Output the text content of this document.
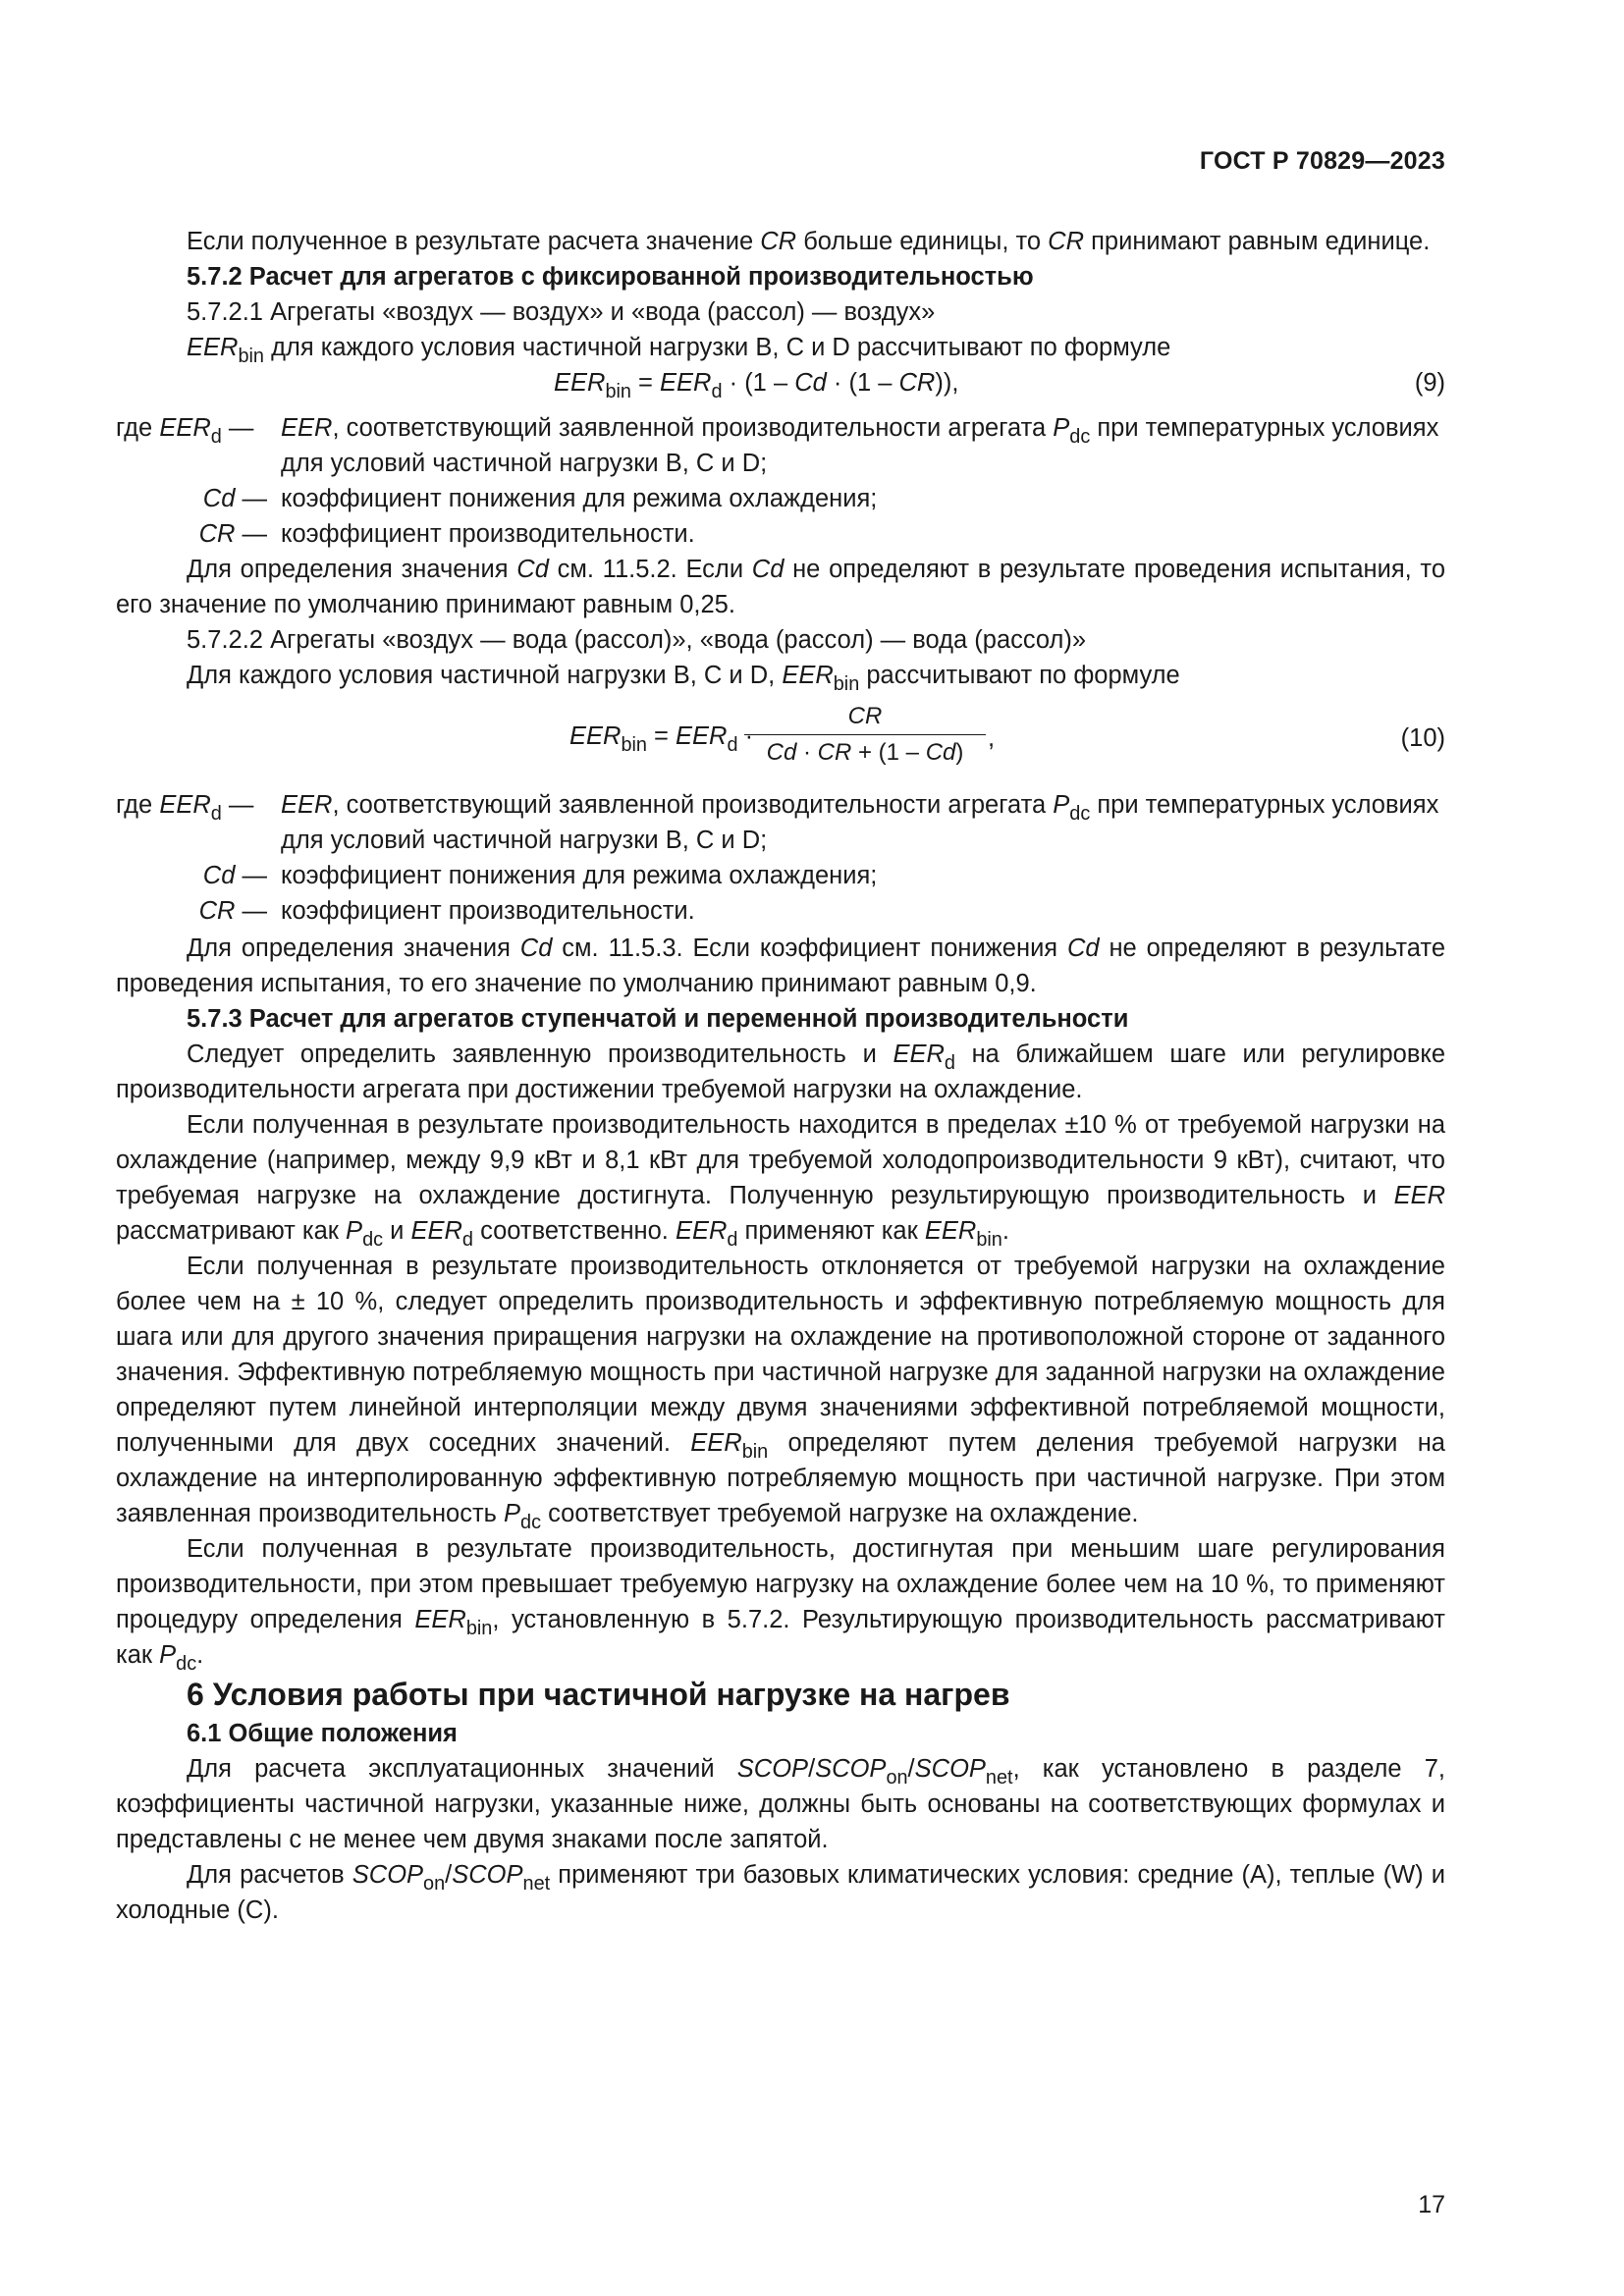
ГОСТ Р 70829—2023

Если полученное в результате расчета значение CR больше единицы, то CR принимают равным единице.

5.7.2 Расчет для агрегатов с фиксированной производительностью

5.7.2.1 Агрегаты «воздух — воздух» и «вода (рассол) — воздух»

$EER_{bin}$ для каждого условия частичной нагрузки B, C и D рассчитывают по формуле

$EER_{bin} = EER_d \cdot (1 - Cd \cdot (1 - CR))$,	(9)
где $EER_d$ —	EER, соответствующий заявленной производительности агрегата $P_{dc}$ при температурных условиях для условий частичной нагрузки B, C и D;
Cd — коэффициент понижения для режима охлаждения;
CR — коэффициент производительности.

Для определения значения Cd см. 11.5.2. Если Cd не определяют в результате проведения испытания, то его значение по умолчанию принимают равным 0,25.

5.7.2.2 Агрегаты «воздух — вода (рассол)», «вода (рассол) — вода (рассол)»

Для каждого условия частичной нагрузки B, C и D, $EER_{bin}$ рассчитывают по формуле

$EER_{bin} = EER_d$ ·
CR
Cd · CR + (1 – Cd)
,	(10)
где $EER_d$ —	EER, соответствующий заявленной производительности агрегата $P_{dc}$ при температурных условиях для условий частичной нагрузки B, C и D;
Cd — коэффициент понижения для режима охлаждения;
CR — коэффициент производительности.

Для определения значения Cd см. 11.5.3. Если коэффициент понижения Cd не определяют в результате проведения испытания, то его значение по умолчанию принимают равным 0,9.

5.7.3 Расчет для агрегатов ступенчатой и переменной производительности

Следует определить заявленную производительность и $EER_d$ на ближайшем шаге или регулировке производительности агрегата при достижении требуемой нагрузки на охлаждение.

Если полученная в результате производительность находится в пределах ±10 % от требуемой нагрузки на охлаждение (например, между 9,9 кВт и 8,1 кВт для требуемой холодопроизводительности 9 кВт), считают, что требуемая нагрузке на охлаждение достигнута. Полученную результирующую производительность и EER рассматривают как $P_{dc}$ и $EER_d$ соответственно. $EER_d$ применяют как $EER_{bin}$.

Если полученная в результате производительность отклоняется от требуемой нагрузки на охлаждение более чем на ± 10 %, следует определить производительность и эффективную потребляемую мощность для шага или для другого значения приращения нагрузки на охлаждение на противоположной стороне от заданного значения. Эффективную потребляемую мощность при частичной нагрузке для заданной нагрузки на охлаждение определяют путем линейной интерполяции между двумя значениями эффективной потребляемой мощности, полученными для двух соседних значений. $EER_{bin}$ определяют путем деления требуемой нагрузки на охлаждение на интерполированную эффективную потребляемую мощность при частичной нагрузке. При этом заявленная производительность $P_{dc}$ соответствует требуемой нагрузке на охлаждение.

Если полученная в результате производительность, достигнутая при меньшим шаге регулирования производительности, при этом превышает требуемую нагрузку на охлаждение более чем на 10 %, то применяют процедуру определения $EER_{bin}$, установленную в 5.7.2. Результирующую производительность рассматривают как $P_{dc}$.

6 Условия работы при частичной нагрузке на нагрев

6.1 Общие положения

Для расчета эксплуатационных значений SCOP/$SCOP_{on}/SCOP_{net}$, как установлено в разделе 7, коэффициенты частичной нагрузки, указанные ниже, должны быть основаны на соответствующих формулах и представлены с не менее чем двумя знаками после запятой.

Для расчетов $SCOP_{on}/SCOP_{net}$ применяют три базовых климатических условия: средние (A), теплые (W) и холодные (C).

17
